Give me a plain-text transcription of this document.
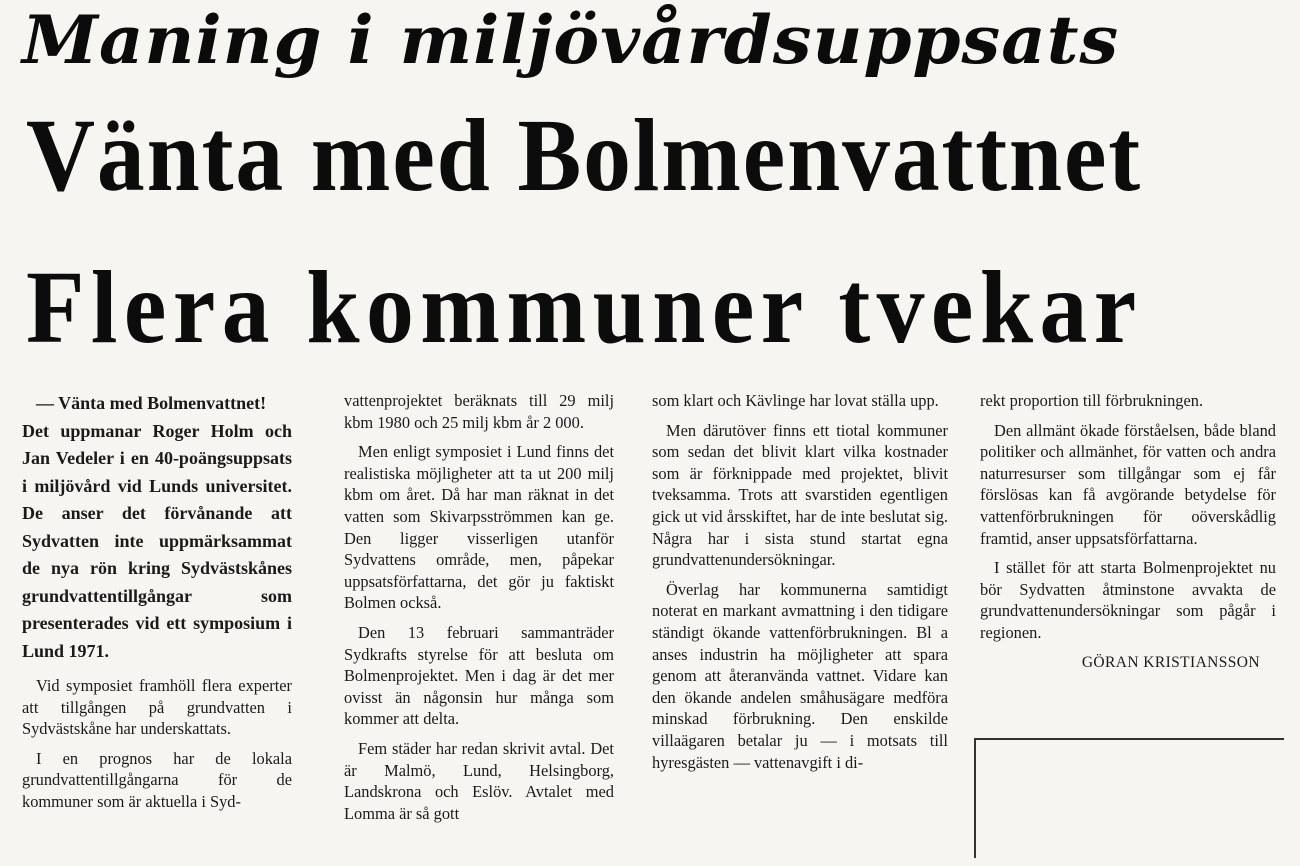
Maning i miljövårdsuppsats
Vänta med Bolmenvattnet
Flera kommuner tvekar
— Vänta med Bolmenvattnet!
Det uppmanar Roger Holm och Jan Vedeler i en 40-poängsuppsats i miljövård vid Lunds universitet. De anser det förvånande att Sydvatten inte uppmärksammat de nya rön kring Sydvästskånes grundvattentillgångar som presenterades vid ett symposium i Lund 1971.

Vid symposiet framhöll flera experter att tillgången på grundvatten i Sydvästskåne har underskattats.

I en prognos har de lokala grundvattentillgångarna för de kommuner som är aktuella i Syd-

vattenprojektet beräknats till 29 milj kbm 1980 och 25 milj kbm år 2 000.

Men enligt symposiet i Lund finns det realistiska möjligheter att ta ut 200 milj kbm om året. Då har man räknat in det vatten som Skivarpsströmmen kan ge. Den ligger visserligen utanför Sydvattens område, men, påpekar uppsatsförfattarna, det gör ju faktiskt Bolmen också.

Den 13 februari sammanträder Sydkrafts styrelse för att besluta om Bolmenprojektet. Men i dag är det mer ovisst än någonsin hur många som kommer att delta.

Fem städer har redan skrivit avtal. Det är Malmö, Lund, Helsingborg, Landskrona och Eslöv. Avtalet med Lomma är så gott

som klart och Kävlinge har lovat ställa upp.

Men därutöver finns ett tiotal kommuner som sedan det blivit klart vilka kostnader som är förknippade med projektet, blivit tveksamma. Trots att svarstiden egentligen gick ut vid årsskiftet, har de inte beslutat sig. Några har i sista stund startat egna grundvattenundersökningar.

Överlag har kommunerna samtidigt noterat en markant avmattning i den tidigare ständigt ökande vattenförbrukningen. Bl a anses industrin ha möjligheter att spara genom att återanvända vattnet. Vidare kan den ökande andelen småhusägare medföra minskad förbrukning. Den enskilde villaägaren betalar ju — i motsats till hyresgästen — vattenavgift i di-

rekt proportion till förbrukningen.

Den allmänt ökade förståelsen, både bland politiker och allmänhet, för vatten och andra naturresurser som tillgångar som ej får förslösas kan få avgörande betydelse för vattenförbrukningen för oöverskådlig framtid, anser uppsatsförfattarna.

I stället för att starta Bolmenprojektet nu bör Sydvatten åtminstone avvakta de grundvattenundersökningar som pågår i regionen.

GÖRAN KRISTIANSSON
